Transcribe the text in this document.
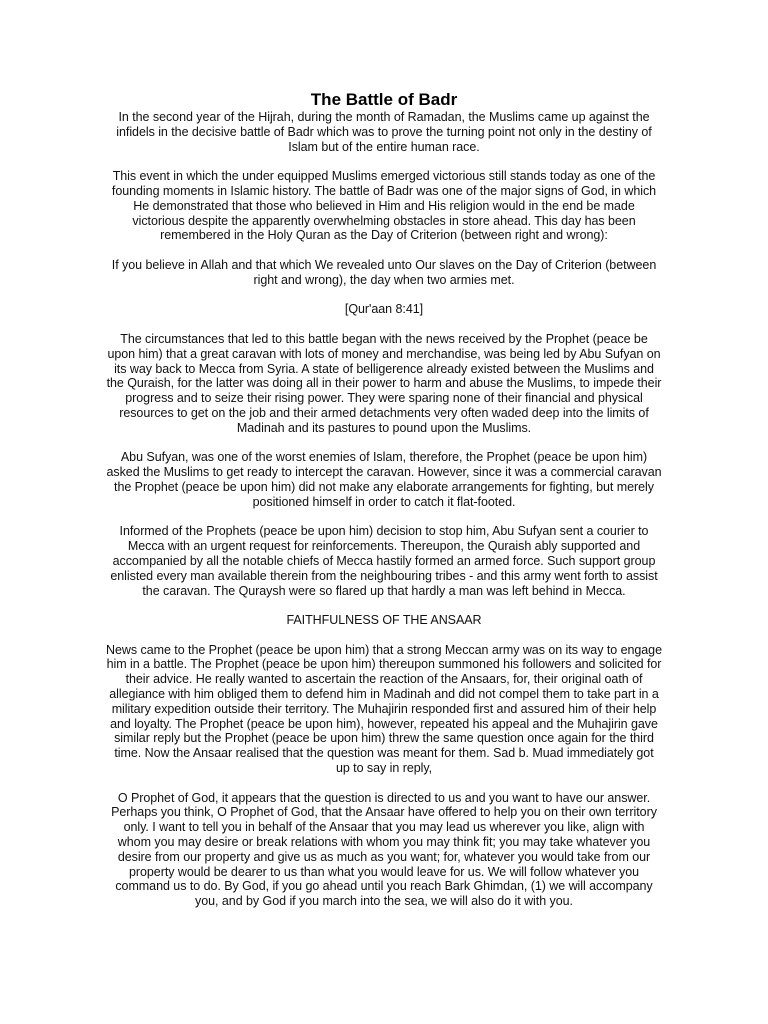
The Battle of Badr

In the second year of the Hijrah, during the month of Ramadan, the Muslims came up against the infidels in the decisive battle of Badr which was to prove the turning point not only in the destiny of Islam but of the entire human race.

This event in which the under equipped Muslims emerged victorious still stands today as one of the founding moments in Islamic history. The battle of Badr was one of the major signs of God, in which He demonstrated that those who believed in Him and His religion would in the end be made victorious despite the apparently overwhelming obstacles in store ahead. This day has been remembered in the Holy Quran as the Day of Criterion (between right and wrong):

If you believe in Allah and that which We revealed unto Our slaves on the Day of Criterion (between right and wrong), the day when two armies met.

[Qur'aan 8:41]

The circumstances that led to this battle began with the news received by the Prophet (peace be upon him) that a great caravan with lots of money and merchandise, was being led by Abu Sufyan on its way back to Mecca from Syria. A state of belligerence already existed between the Muslims and the Quraish, for the latter was doing all in their power to harm and abuse the Muslims, to impede their progress and to seize their rising power. They were sparing none of their financial and physical resources to get on the job and their armed detachments very often waded deep into the limits of Madinah and its pastures to pound upon the Muslims.

Abu Sufyan, was one of the worst enemies of Islam, therefore, the Prophet (peace be upon him) asked the Muslims to get ready to intercept the caravan. However, since it was a commercial caravan the Prophet (peace be upon him) did not make any elaborate arrangements for fighting, but merely positioned himself in order to catch it flat-footed.

Informed of the Prophets (peace be upon him) decision to stop him, Abu Sufyan sent a courier to Mecca with an urgent request for reinforcements. Thereupon, the Quraish ably supported and accompanied by all the notable chiefs of Mecca hastily formed an armed force. Such support group enlisted every man available therein from the neighbouring tribes - and this army went forth to assist the caravan. The Quraysh were so flared up that hardly a man was left behind in Mecca.

FAITHFULNESS OF THE ANSAAR

News came to the Prophet (peace be upon him) that a strong Meccan army was on its way to engage him in a battle. The Prophet (peace be upon him) thereupon summoned his followers and solicited for their advice. He really wanted to ascertain the reaction of the Ansaars, for, their original oath of allegiance with him obliged them to defend him in Madinah and did not compel them to take part in a military expedition outside their territory. The Muhajirin responded first and assured him of their help and loyalty. The Prophet (peace be upon him), however, repeated his appeal and the Muhajirin gave similar reply but the Prophet (peace be upon him) threw the same question once again for the third time. Now the Ansaar realised that the question was meant for them. Sad b. Muad immediately got up to say in reply,

O Prophet of God, it appears that the question is directed to us and you want to have our answer. Perhaps you think, O Prophet of God, that the Ansaar have offered to help you on their own territory only. I want to tell you in behalf of the Ansaar that you may lead us wherever you like, align with whom you may desire or break relations with whom you may think fit; you may take whatever you desire from our property and give us as much as you want; for, whatever you would take from our property would be dearer to us than what you would leave for us. We will follow whatever you command us to do. By God, if you go ahead until you reach Bark Ghimdan, (1) we will accompany you, and by God if you march into the sea, we will also do it with you.
